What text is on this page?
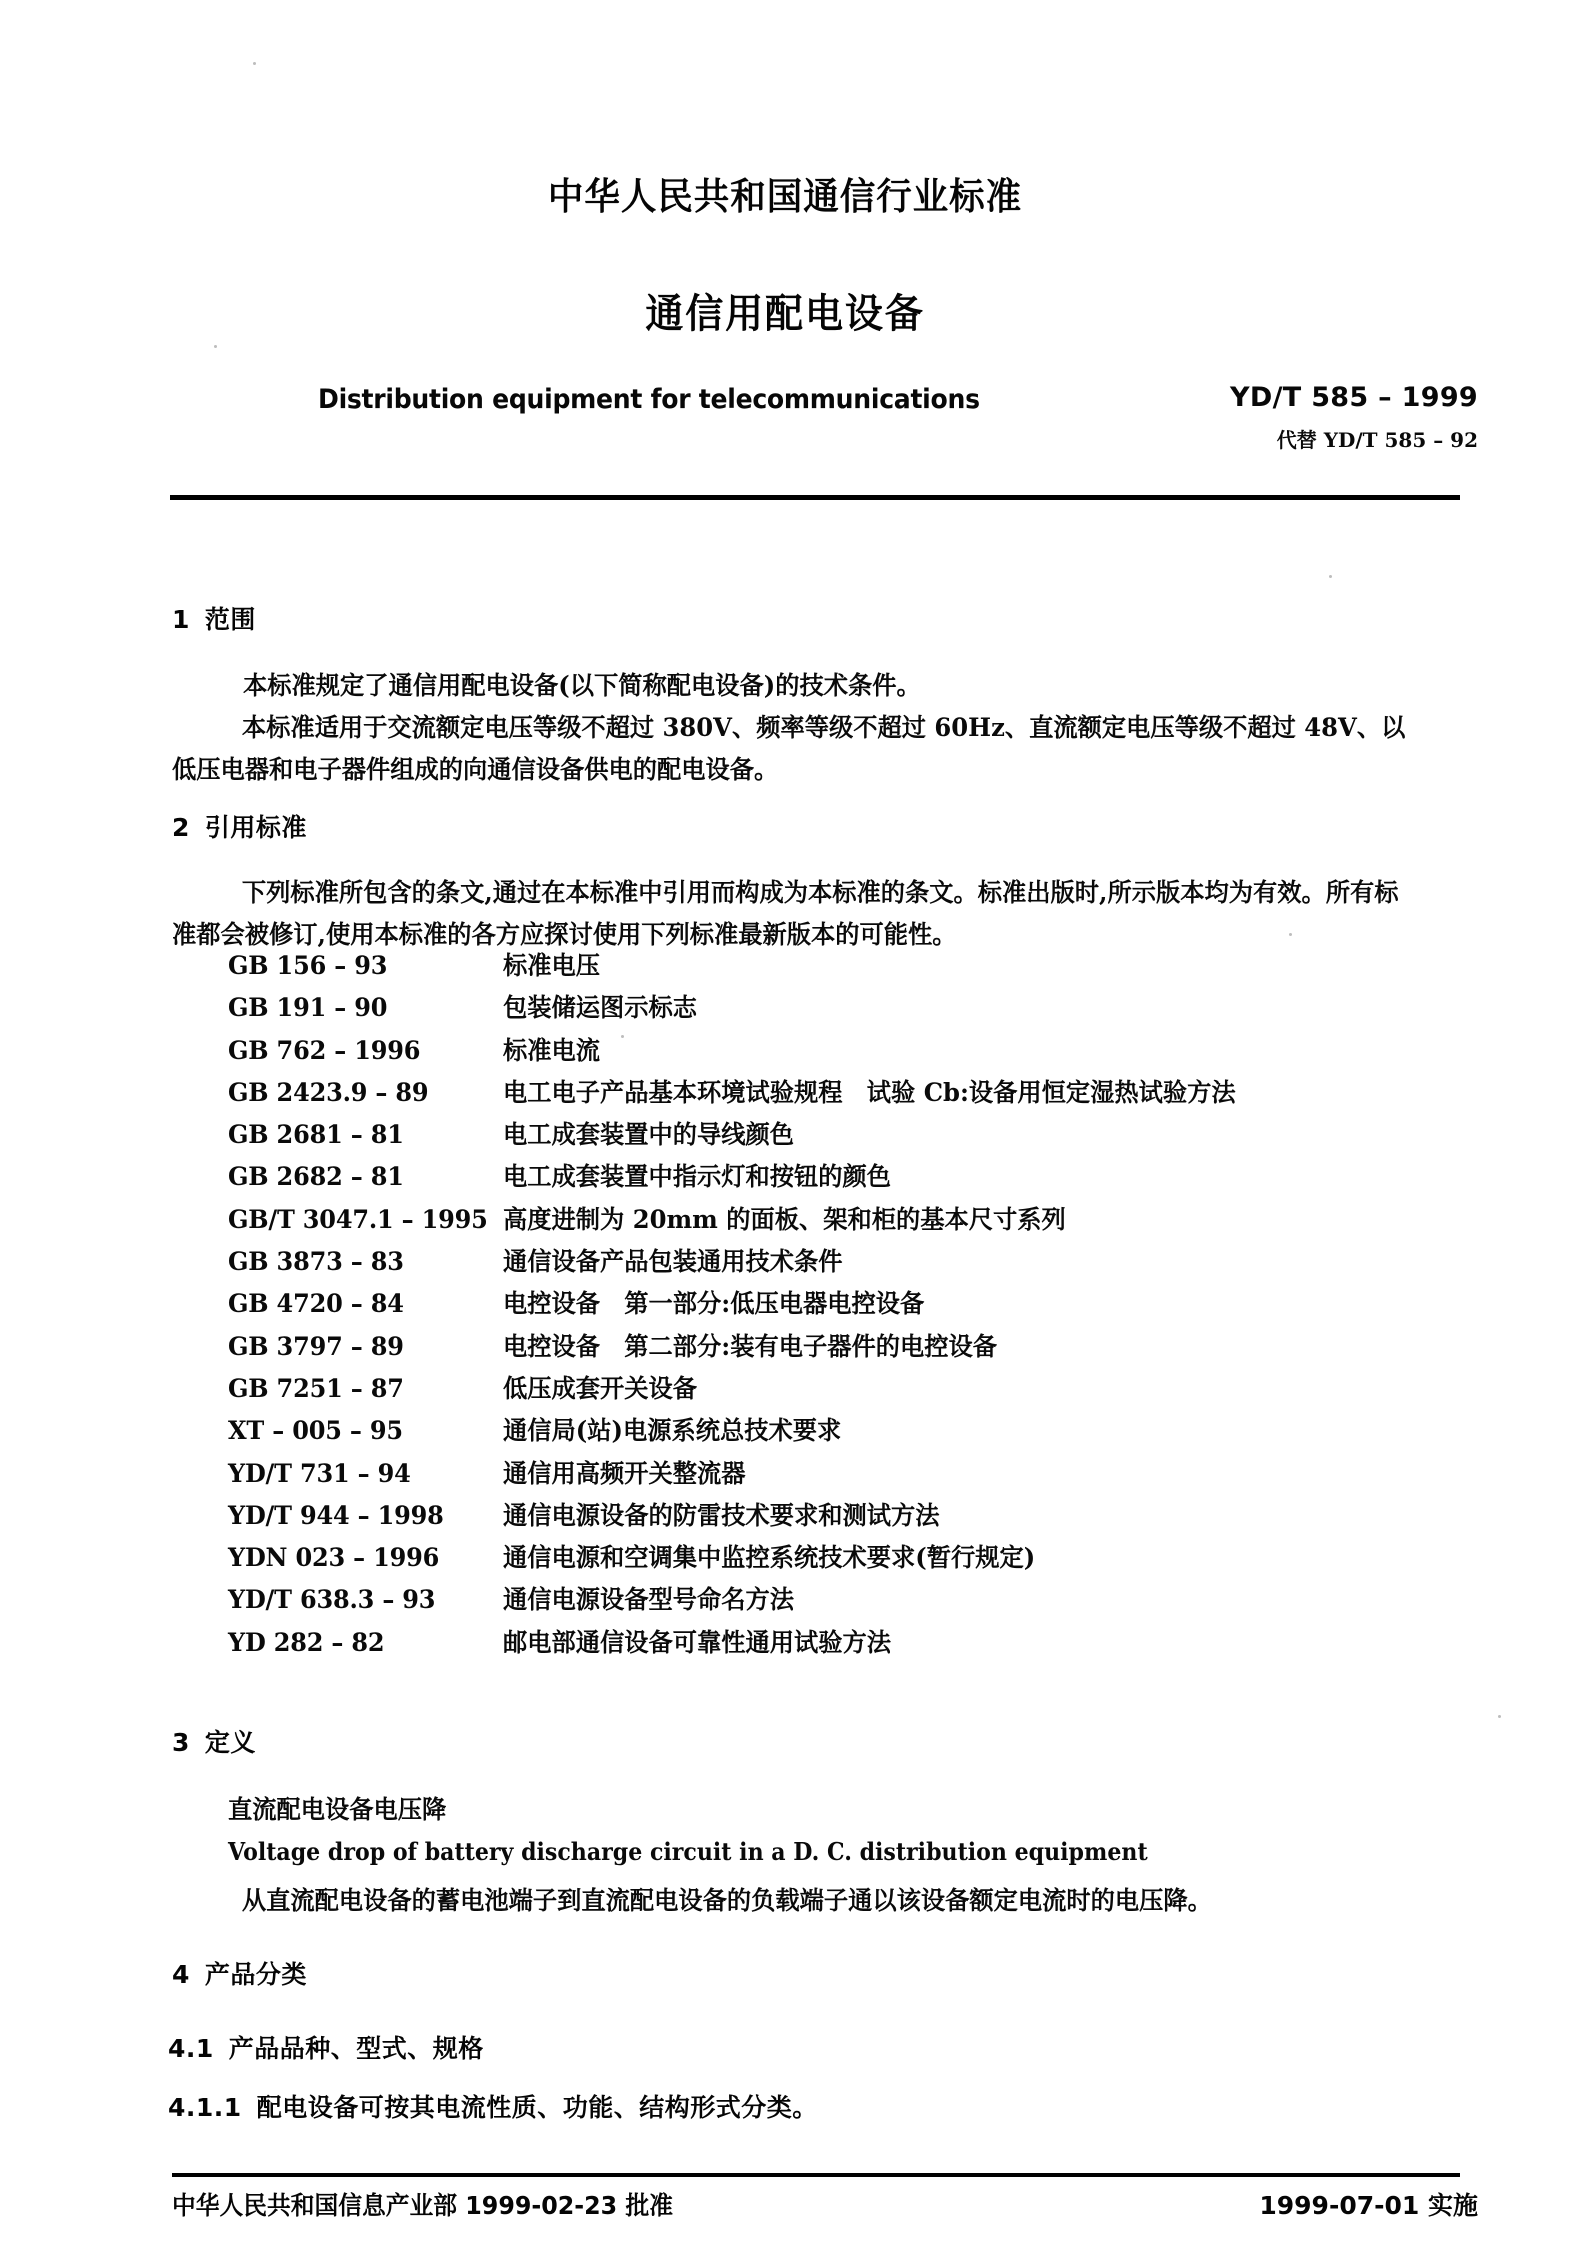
中华人民共和国通信行业标准
通信用配电设备
Distribution equipment for telecommunications	YD/T 585 – 1999
代替 YD/T 585 – 92
1 范围
本标准规定了通信用配电设备(以下简称配电设备)的技术条件。
本标准适用于交流额定电压等级不超过 380V、频率等级不超过 60Hz、直流额定电压等级不超过 48V、以低压电器和电子器件组成的向通信设备供电的配电设备。
2 引用标准
下列标准所包含的条文,通过在本标准中引用而构成为本标准的条文。标准出版时,所示版本均为有效。所有标准都会被修订,使用本标准的各方应探讨使用下列标准最新版本的可能性。
GB 156 – 93	标准电压
GB 191 – 90	包装储运图示标志
GB 762 – 1996	标准电流
GB 2423.9 – 89	电工电子产品基本环境试验规程　试验 Cb:设备用恒定湿热试验方法
GB 2681 – 81	电工成套装置中的导线颜色
GB 2682 – 81	电工成套装置中指示灯和按钮的颜色
GB/T 3047.1 – 1995 高度进制为 20mm 的面板、架和柜的基本尺寸系列
GB 3873 – 83	通信设备产品包装通用技术条件
GB 4720 – 84	电控设备　第一部分:低压电器电控设备
GB 3797 – 89	电控设备　第二部分:装有电子器件的电控设备
GB 7251 – 87	低压成套开关设备
XT – 005 – 95	通信局(站)电源系统总技术要求
YD/T 731 – 94	通信用高频开关整流器
YD/T 944 – 1998	通信电源设备的防雷技术要求和测试方法
YDN 023 – 1996	通信电源和空调集中监控系统技术要求(暂行规定)
YD/T 638.3 – 93	通信电源设备型号命名方法
YD 282 – 82	邮电部通信设备可靠性通用试验方法
3 定义
直流配电设备电压降
Voltage drop of battery discharge circuit in a D. C. distribution equipment
从直流配电设备的蓄电池端子到直流配电设备的负载端子通以该设备额定电流时的电压降。
4 产品分类
4.1 产品品种、型式、规格
4.1.1 配电设备可按其电流性质、功能、结构形式分类。
中华人民共和国信息产业部 1999-02-23 批准	1999-07-01 实施
